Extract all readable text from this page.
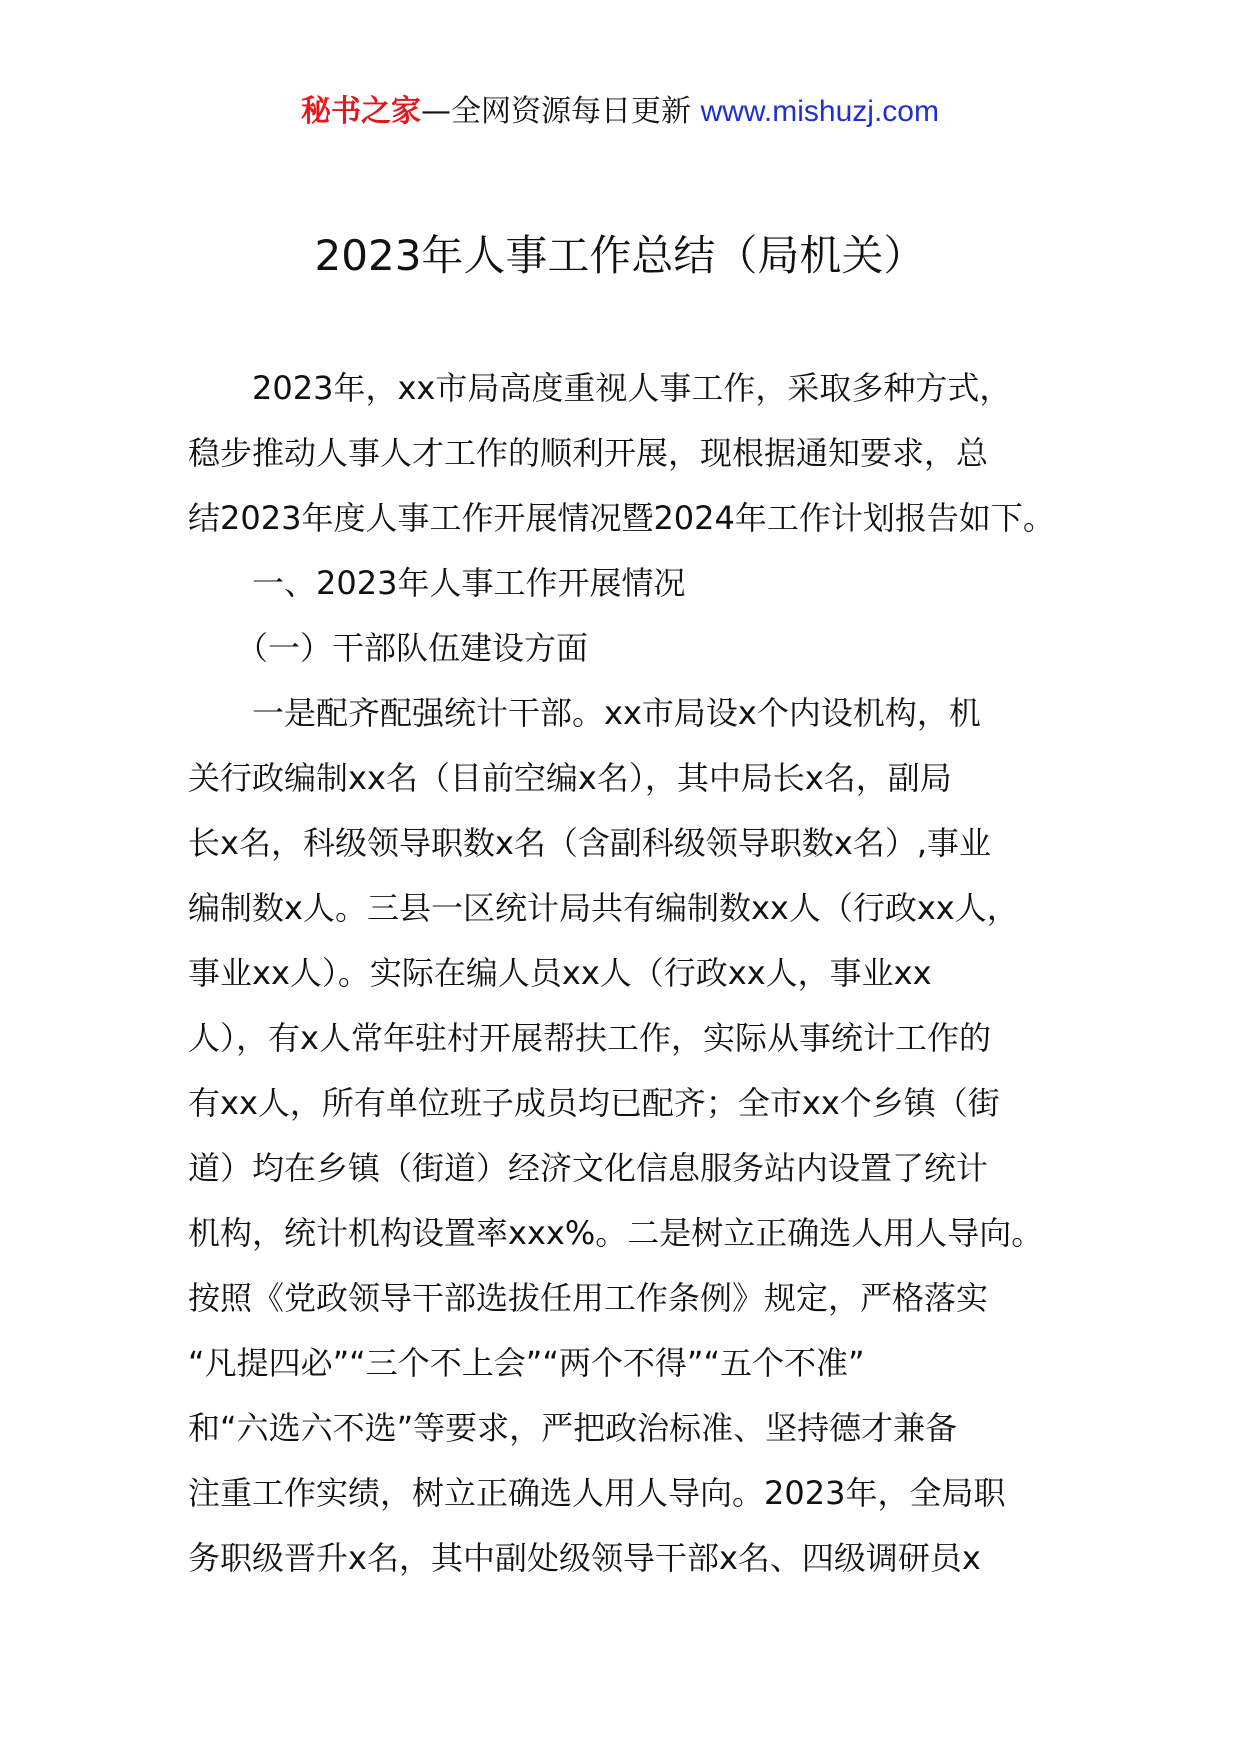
秘书之家—全网资源每日更新 www.mishuzj.com
2023年人事工作总结（局机关）
　　2023年，xx市局高度重视人事工作，采取多种方式，
稳步推动人事人才工作的顺利开展，现根据通知要求，总
结2023年度人事工作开展情况暨2024年工作计划报告如下。
　　一、2023年人事工作开展情况
　　（一）干部队伍建设方面
　　一是配齐配强统计干部。xx市局设x个内设机构，机
关行政编制xx名（目前空编x名），其中局长x名，副局
长x名，科级领导职数x名（含副科级领导职数x名）,事业
编制数x人。三县一区统计局共有编制数xx人（行政xx人，
事业xx人）。实际在编人员xx人（行政xx人，事业xx
人），有x人常年驻村开展帮扶工作，实际从事统计工作的
有xx人，所有单位班子成员均已配齐；全市xx个乡镇（街
道）均在乡镇（街道）经济文化信息服务站内设置了统计
机构，统计机构设置率xxx%。二是树立正确选人用人导向。
按照《党政领导干部选拔任用工作条例》规定，严格落实
“凡提四必”“三个不上会”“两个不得”“五个不准”
和“六选六不选”等要求，严把政治标准、坚持德才兼备
注重工作实绩，树立正确选人用人导向。2023年，全局职
务职级晋升x名，其中副处级领导干部x名、四级调研员x
